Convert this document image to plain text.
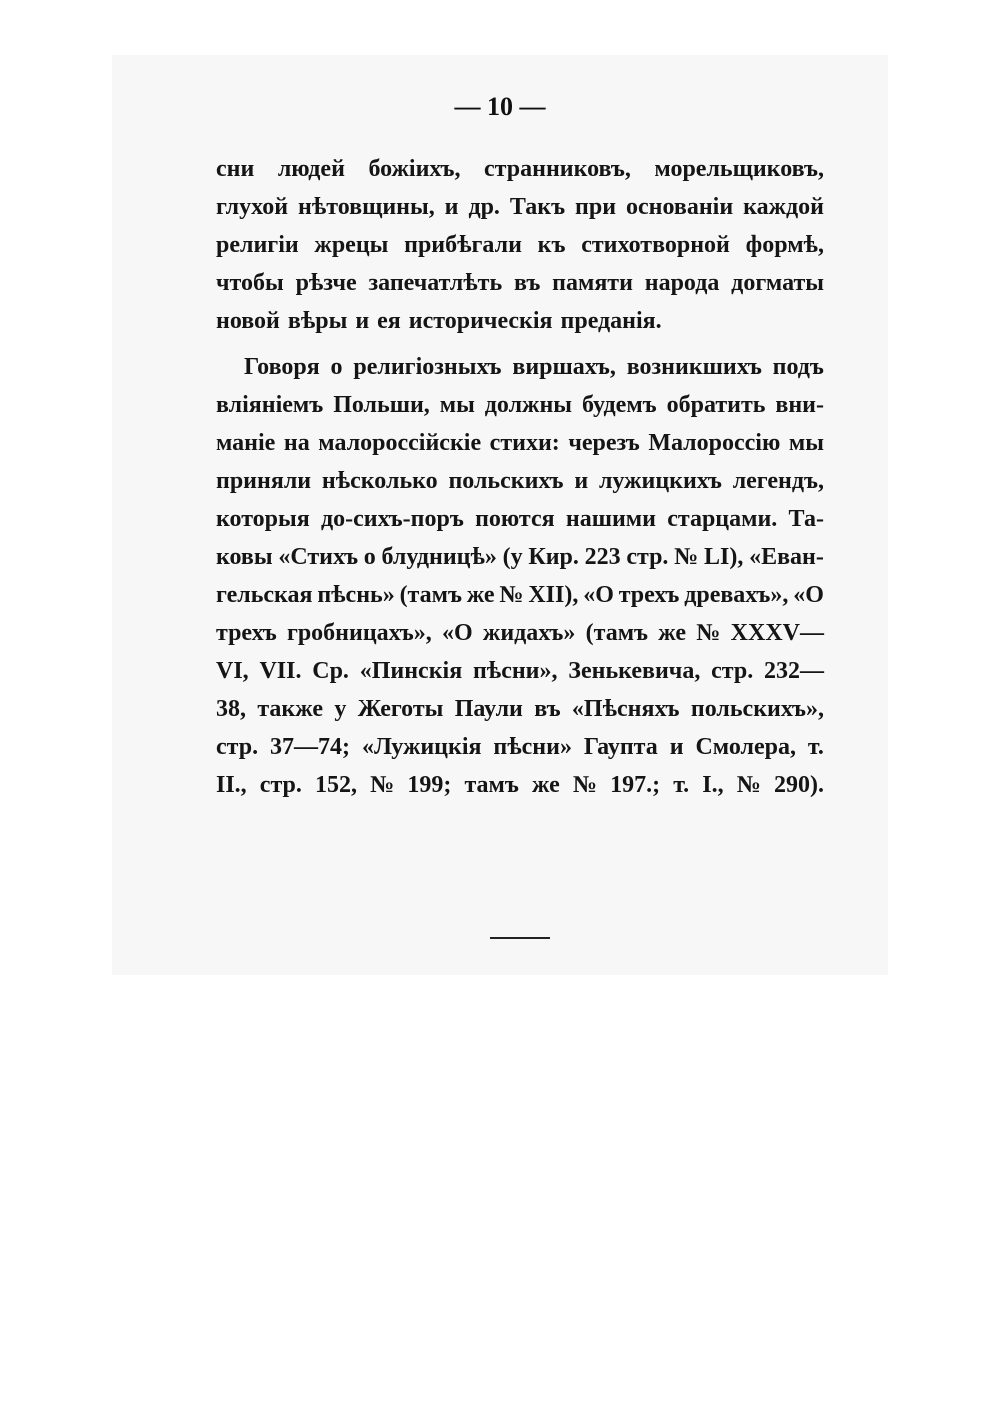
— 10 —
сни людей божіихъ, странниковъ, морельщиковъ,
глухой нѣтовщины, и др. Такъ при основаніи каждой
религіи жрецы прибѣгали къ стихотворной формѣ,
чтобы рѣзче запечатлѣть въ памяти народа догматы
новой вѣры и ея историческія преданія.
Говоря о религіозныхъ виршахъ, возникшихъ подъ
вліяніемъ Польши, мы должны будемъ обратить вни-
маніе на малороссійскіе стихи: черезъ Малороссію мы
приняли нѣсколько польскихъ и лужицкихъ легендъ,
которыя до-сихъ-поръ поются нашими старцами. Та-
ковы «Стихъ о блудницѣ» (у Кир. 223 стр. № LI), «Еван-
гельская пѣснь» (тамъ же № XII), «О трехъ древахъ», «О
трехъ гробницахъ», «О жидахъ» (тамъ же № XXXV—
VI, VII. Ср. «Пинскія пѣсни», Зенькевича, стр. 232—
38, также у Жеготы Паули въ «Пѣсняхъ польскихъ»,
стр. 37—74; «Лужицкія пѣсни» Гаупта и Смолера, т.
II., стр. 152, № 199; тамъ же № 197.; т. I., № 290).
